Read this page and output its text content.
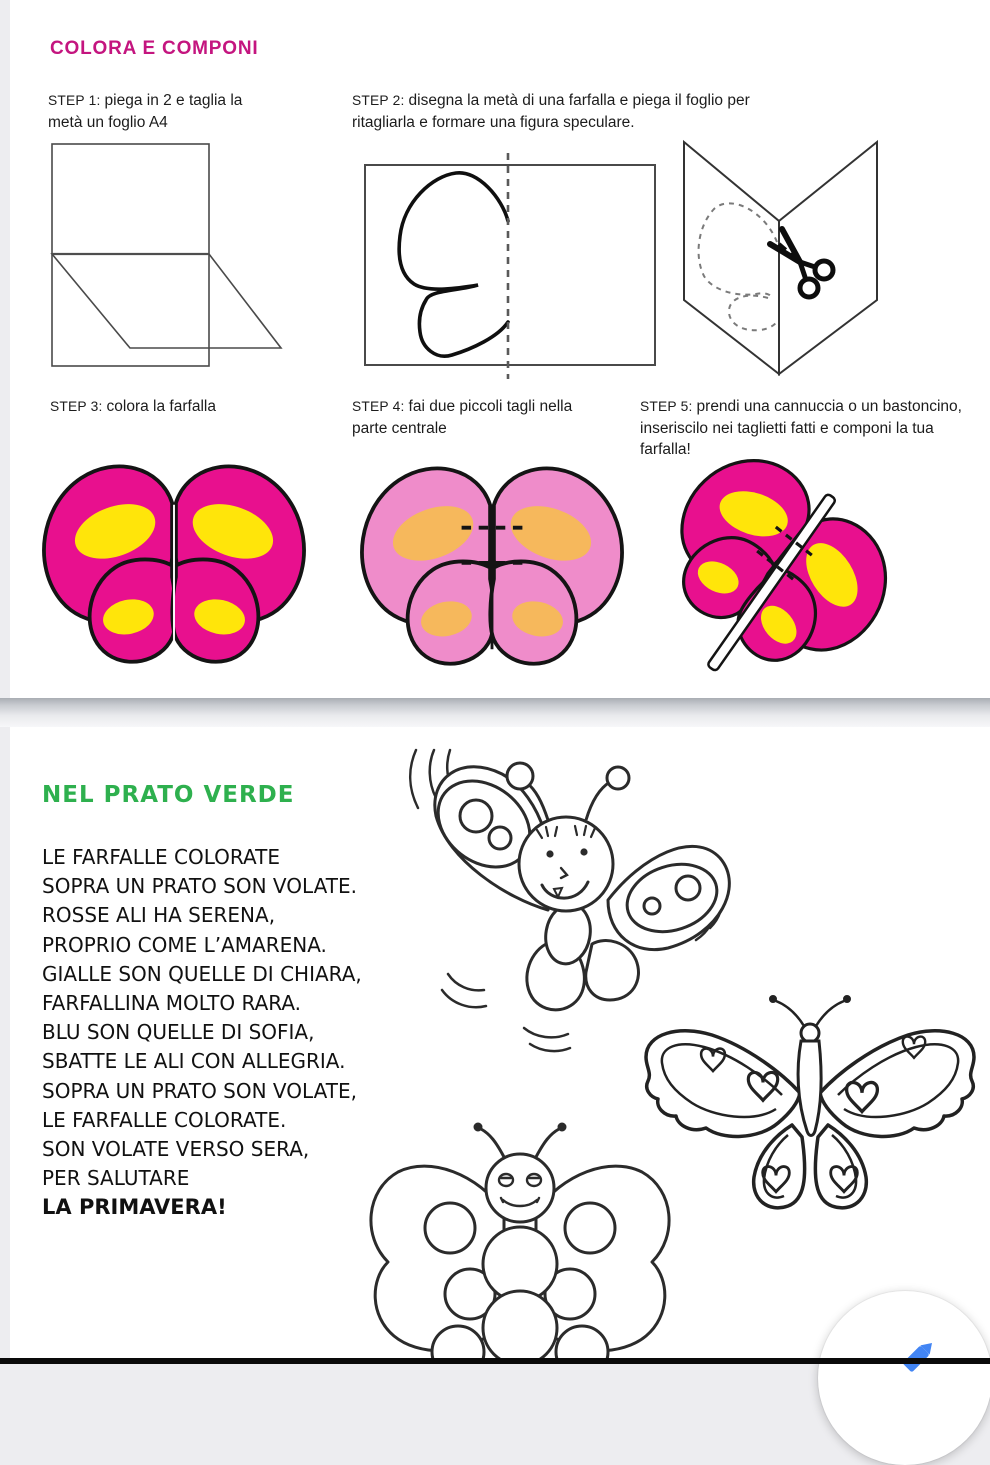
COLORA E COMPONI
STEP 1: piega in 2 e taglia la metà un foglio A4
STEP 2: disegna la metà di una farfalla e piega il foglio per ritagliarla e formare una figura speculare.
STEP 3: colora la farfalla	STEP 4: fai due piccoli tagli nella parte centrale
STEP 5: prendi una cannuccia o un bastoncino, inseriscilo nei taglietti fatti e componi la tua farfalla!
NEL PRATO VERDE
LE FARFALLE COLORATE
SOPRA UN PRATO SON VOLATE.
ROSSE ALI HA SERENA,
PROPRIO COME L’AMARENA.
GIALLE SON QUELLE DI CHIARA,
FARFALLINA MOLTO RARA.
BLU SON QUELLE DI SOFIA,
SBATTE LE ALI CON ALLEGRIA.
SOPRA UN PRATO SON VOLATE,
LE FARFALLE COLORATE.
SON VOLATE VERSO SERA,
PER SALUTARE
LA PRIMAVERA!
